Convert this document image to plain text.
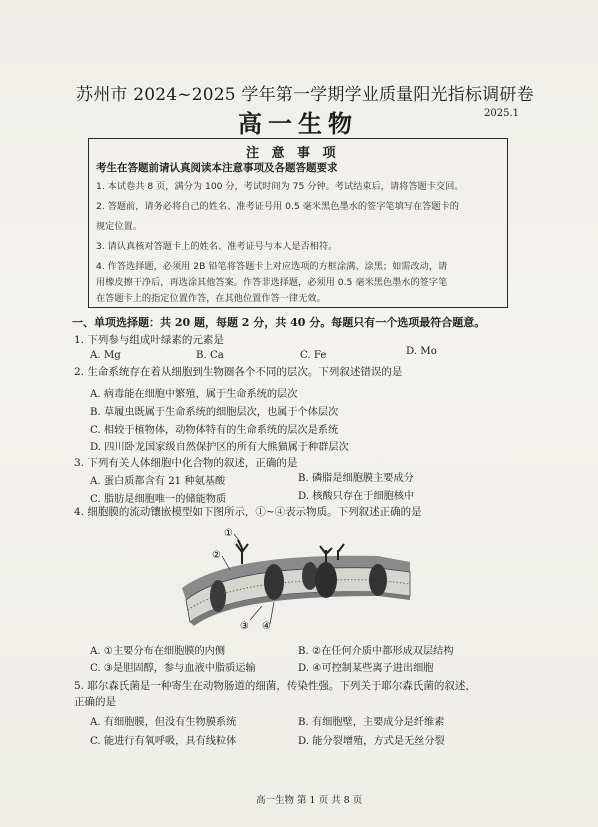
苏州市 2024~2025 学年第一学期学业质量阳光指标调研卷
高一生物	2025.1
注 意 事 项
考生在答题前请认真阅读本注意事项及各题答题要求
1. 本试卷共 8 页，满分为 100 分，考试时间为 75 分钟。考试结束后，请将答题卡交回。
2. 答题前，请务必将自己的姓名、准考证号用 0.5 毫米黑色墨水的签字笔填写在答题卡的
规定位置。
3. 请认真核对答题卡上的姓名、准考证号与本人是否相符。
4. 作答选择题，必须用 2B 铅笔将答题卡上对应选项的方框涂满、涂黑；如需改动，请
用橡皮擦干净后，再选涂其他答案。作答非选择题，必须用 0.5 毫米黑色墨水的签字笔
在答题卡上的指定位置作答，在其他位置作答一律无效。
一、单项选择题：共 20 题，每题 2 分，共 40 分。每题只有一个选项最符合题意。
1. 下列参与组成叶绿素的元素是
A. Mg	B. Ca	C. Fe	D. Mo
2. 生命系统存在着从细胞到生物圈各个不同的层次。下列叙述错误的是
A. 病毒能在细胞中繁殖，属于生命系统的层次
B. 草履虫既属于生命系统的细胞层次，也属于个体层次
C. 相较于植物体，动物体特有的生命系统的层次是系统
D. 四川卧龙国家级自然保护区的所有大熊猫属于种群层次
3. 下列有关人体细胞中化合物的叙述，正确的是
A. 蛋白质都含有 21 种氨基酸	B. 磷脂是细胞膜主要成分
C. 脂肪是细胞唯一的储能物质	D. 核酸只存在于细胞核中
4. 细胞膜的流动镶嵌模型如下图所示，①~④表示物质。下列叙述正确的是
①
②
③ ④
A. ①主要分布在细胞膜的内侧	B. ②在任何介质中都形成双层结构
C. ③是胆固醇，参与血液中脂质运输	D. ④可控制某些离子进出细胞
5. 耶尔森氏菌是一种寄生在动物肠道的细菌，传染性强。下列关于耶尔森氏菌的叙述，
正确的是
A. 有细胞膜，但没有生物膜系统	B. 有细胞壁，主要成分是纤维素
C. 能进行有氧呼吸，具有线粒体	D. 能分裂增殖，方式是无丝分裂
高一生物 第 1 页 共 8 页
